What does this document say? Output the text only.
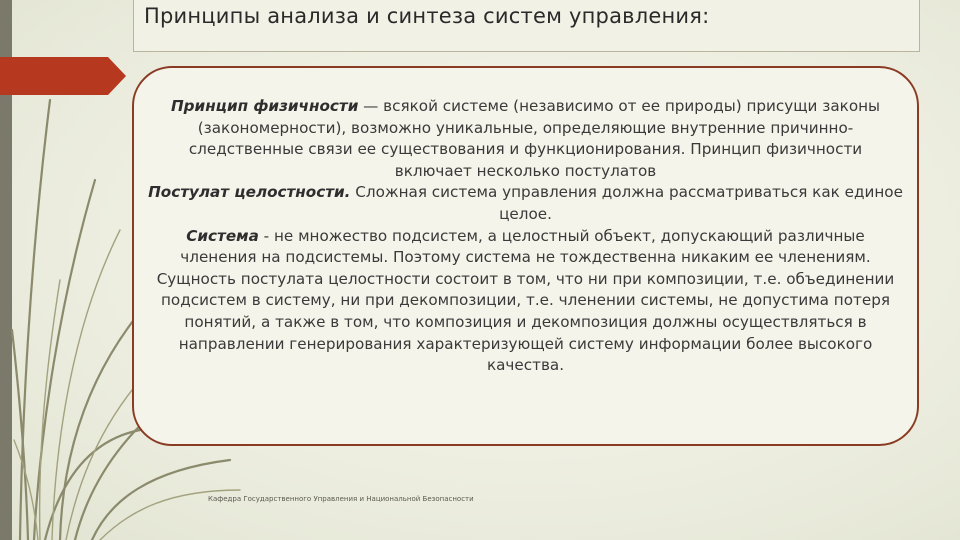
Принципы анализа и синтеза систем управления:
Принцип физичности — всякой системе (независимо от ее природы) присущи законы (закономерности), возможно уникальные, определяющие внутренние причинно-следственные связи ее существования и функционирования. Принцип физичности включает несколько постулатов
Постулат целостности. Сложная система управления должна рассматриваться как единое целое.
Система - не множество подсистем, а целостный объект, допускающий различные членения на подсистемы. Поэтому система не тождественна никаким ее членениям. Сущность постулата целостности состоит в том, что ни при композиции, т.е. объединении подсистем в систему, ни при декомпозиции, т.е. членении системы, не допустима потеря понятий, а также в том, что композиция и декомпозиция должны осуществляться в направлении генерирования характеризующей систему информации более высокого качества.
Кафедра Государственного Управления и Национальной Безопасности
